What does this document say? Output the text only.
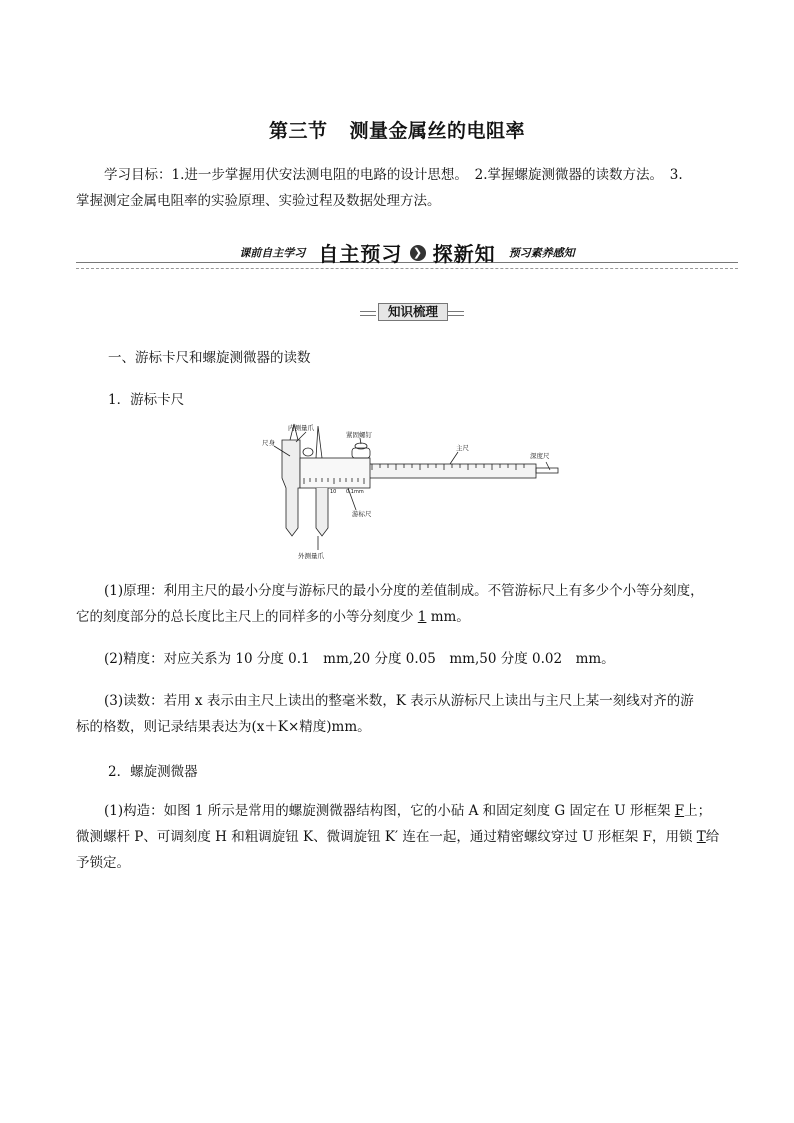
第三节 测量金属丝的电阻率
学习目标：1.进一步掌握用伏安法测电阻的电路的设计思想。　2.掌握螺旋测微器的读数方法。　3.
掌握测定金属电阻率的实验原理、实验过程及数据处理方法。
课前自主学习 自主预习 ❯ 探新知 预习素养感知
知识梳理
一、游标卡尺和螺旋测微器的读数
1．游标卡尺
尺身
内测量爪
紧固螺钉
主尺
深度尺
游标尺
外测量爪
10 0.1mm
(1)原理：利用主尺的最小分度与游标尺的最小分度的差值制成。不管游标尺上有多少个小等分刻度，
它的刻度部分的总长度比主尺上的同样多的小等分刻度少 1 mm。
(2)精度：对应关系为 10 分度 0.1　mm,20 分度 0.05　mm,50 分度 0.02　mm。
(3)读数：若用 x 表示由主尺上读出的整毫米数，K 表示从游标尺上读出与主尺上某一刻线对齐的游
标的格数，则记录结果表达为(x＋K×精度)mm。
2．螺旋测微器
(1)构造：如图 1 所示是常用的螺旋测微器结构图，它的小砧 A 和固定刻度 G 固定在 U 形框架 F上；
微测螺杆 P、可调刻度 H 和粗调旋钮 K、微调旋钮 K′ 连在一起，通过精密螺纹穿过 U 形框架 F，用锁 T给
予锁定。
